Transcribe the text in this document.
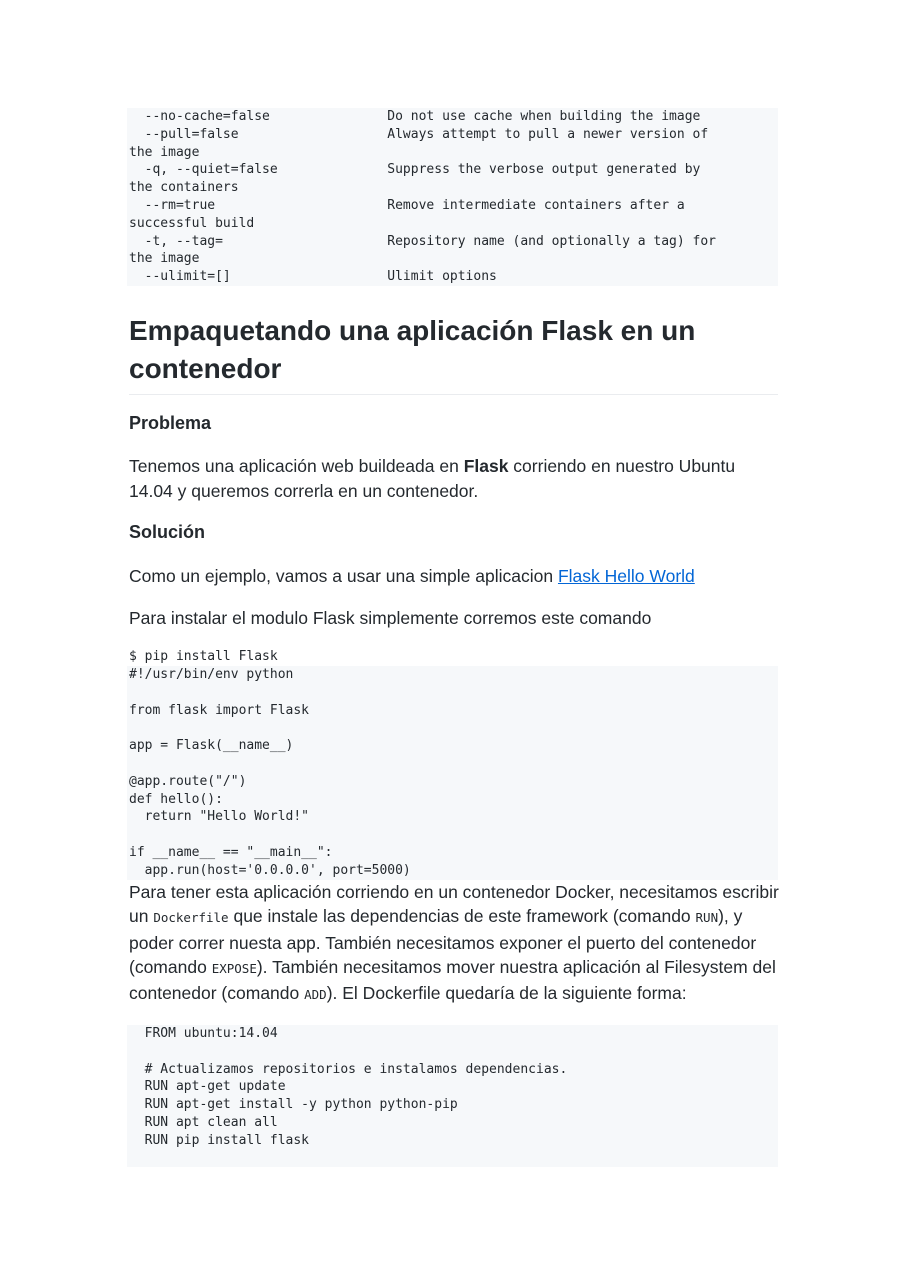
--no-cache=false               Do not use cache when building the image
--pull=false                   Always attempt to pull a newer version of
the image
-q, --quiet=false              Suppress the verbose output generated by
the containers
--rm=true                      Remove intermediate containers after a
successful build
-t, --tag=                     Repository name (and optionally a tag) for
the image
--ulimit=[]                    Ulimit options
Empaquetando una aplicación Flask en un contenedor
Problema

Tenemos una aplicación web buildeada en Flask corriendo en nuestro Ubuntu 14.04 y queremos correrla en un contenedor.

Solución

Como un ejemplo, vamos a usar una simple aplicacion Flask Hello World

Para instalar el modulo Flask simplemente corremos este comando

$ pip install Flask
#!/usr/bin/env python
from flask import Flask
app = Flask(__name__)
@app.route("/")
def hello():
return "Hello World!"
if __name__ == "__main__":
app.run(host='0.0.0.0', port=5000)

Para tener esta aplicación corriendo en un contenedor Docker, necesitamos escribir un Dockerfile que instale las dependencias de este framework (comando RUN), y poder correr nuesta app. También necesitamos exponer el puerto del contenedor (comando EXPOSE). También necesitamos mover nuestra aplicación al Filesystem del contenedor (comando ADD). El Dockerfile quedaría de la siguiente forma:

FROM ubuntu:14.04
# Actualizamos repositorios e instalamos dependencias.
RUN apt-get update
RUN apt-get install -y python python-pip
RUN apt clean all
RUN pip install flask
